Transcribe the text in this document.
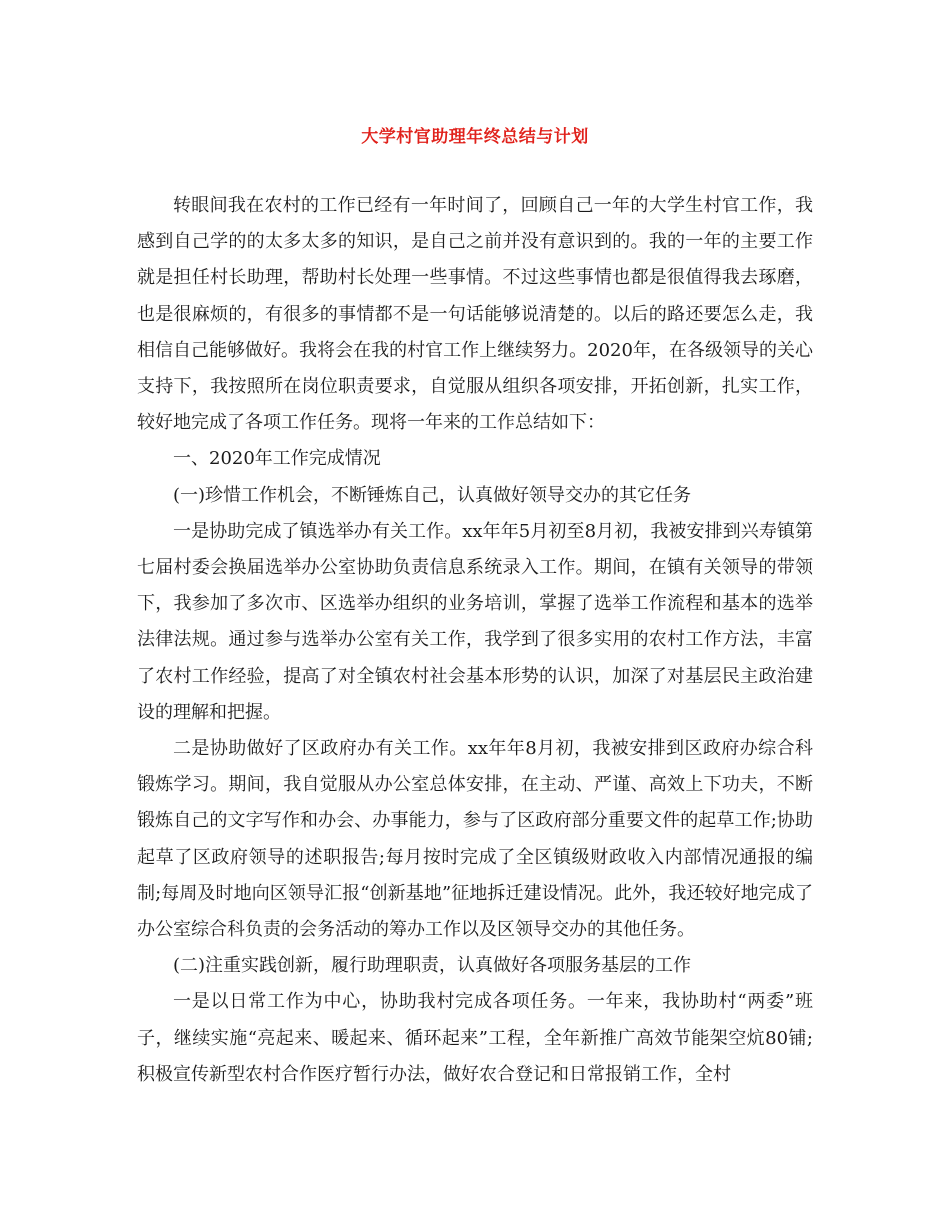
大学村官助理年终总结与计划

转眼间我在农村的工作已经有一年时间了，回顾自己一年的大学生村官工作，我感到自己学的的太多太多的知识，是自己之前并没有意识到的。我的一年的主要工作就是担任村长助理，帮助村长处理一些事情。不过这些事情也都是很值得我去琢磨，也是很麻烦的，有很多的事情都不是一句话能够说清楚的。以后的路还要怎么走，我相信自己能够做好。我将会在我的村官工作上继续努力。2020年，在各级领导的关心支持下，我按照所在岗位职责要求，自觉服从组织各项安排，开拓创新，扎实工作，较好地完成了各项工作任务。现将一年来的工作总结如下：

一、2020年工作完成情况

(一)珍惜工作机会，不断锤炼自己，认真做好领导交办的其它任务

一是协助完成了镇选举办有关工作。xx年年5月初至8月初，我被安排到兴寿镇第七届村委会换届选举办公室协助负责信息系统录入工作。期间，在镇有关领导的带领下，我参加了多次市、区选举办组织的业务培训，掌握了选举工作流程和基本的选举法律法规。通过参与选举办公室有关工作，我学到了很多实用的农村工作方法，丰富了农村工作经验，提高了对全镇农村社会基本形势的认识，加深了对基层民主政治建设的理解和把握。

二是协助做好了区政府办有关工作。xx年年8月初，我被安排到区政府办综合科锻炼学习。期间，我自觉服从办公室总体安排，在主动、严谨、高效上下功夫，不断锻炼自己的文字写作和办会、办事能力，参与了区政府部分重要文件的起草工作;协助起草了区政府领导的述职报告;每月按时完成了全区镇级财政收入内部情况通报的编制;每周及时地向区领导汇报“创新基地”征地拆迁建设情况。此外，我还较好地完成了办公室综合科负责的会务活动的筹办工作以及区领导交办的其他任务。

(二)注重实践创新，履行助理职责，认真做好各项服务基层的工作

一是以日常工作为中心，协助我村完成各项任务。一年来，我协助村“两委”班子，继续实施“亮起来、暖起来、循环起来”工程，全年新推广高效节能架空炕80铺;积极宣传新型农村合作医疗暂行办法，做好农合登记和日常报销工作，全村
